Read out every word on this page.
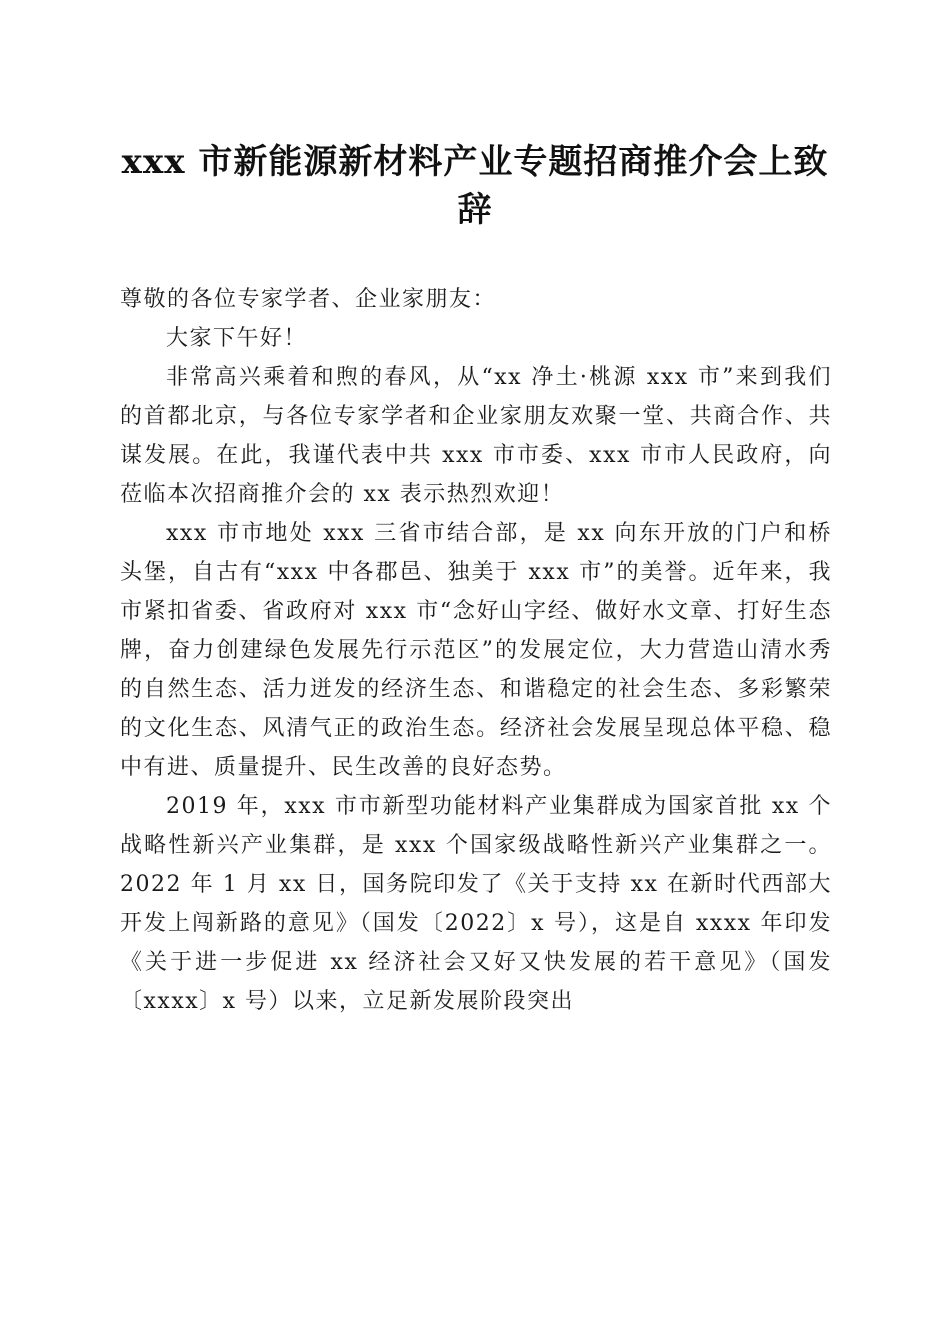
xxx 市新能源新材料产业专题招商推介会上致
辞

尊敬的各位专家学者、企业家朋友：

大家下午好！

非常高兴乘着和煦的春风，从“xx 净土·桃源 xxx 市”来到我们的首都北京，与各位专家学者和企业家朋友欢聚一堂、共商合作、共谋发展。在此，我谨代表中共 xxx 市市委、xxx 市市人民政府，向莅临本次招商推介会的 xx 表示热烈欢迎！

xxx 市市地处 xxx 三省市结合部，是 xx 向东开放的门户和桥头堡，自古有“xxx 中各郡邑、独美于 xxx 市”的美誉。近年来，我市紧扣省委、省政府对 xxx 市“念好山字经、做好水文章、打好生态牌，奋力创建绿色发展先行示范区”的发展定位，大力营造山清水秀的自然生态、活力迸发的经济生态、和谐稳定的社会生态、多彩繁荣的文化生态、风清气正的政治生态。经济社会发展呈现总体平稳、稳中有进、质量提升、民生改善的良好态势。

2019 年，xxx 市市新型功能材料产业集群成为国家首批 xx 个战略性新兴产业集群，是 xxx 个国家级战略性新兴产业集群之一。2022 年 1 月 xx 日，国务院印发了《关于支持 xx 在新时代西部大开发上闯新路的意见》（国发〔2022〕x 号），这是自 xxxx 年印发《关于进一步促进 xx 经济社会又好又快发展的若干意见》（国发〔xxxx〕x 号）以来，立足新发展阶段突出
